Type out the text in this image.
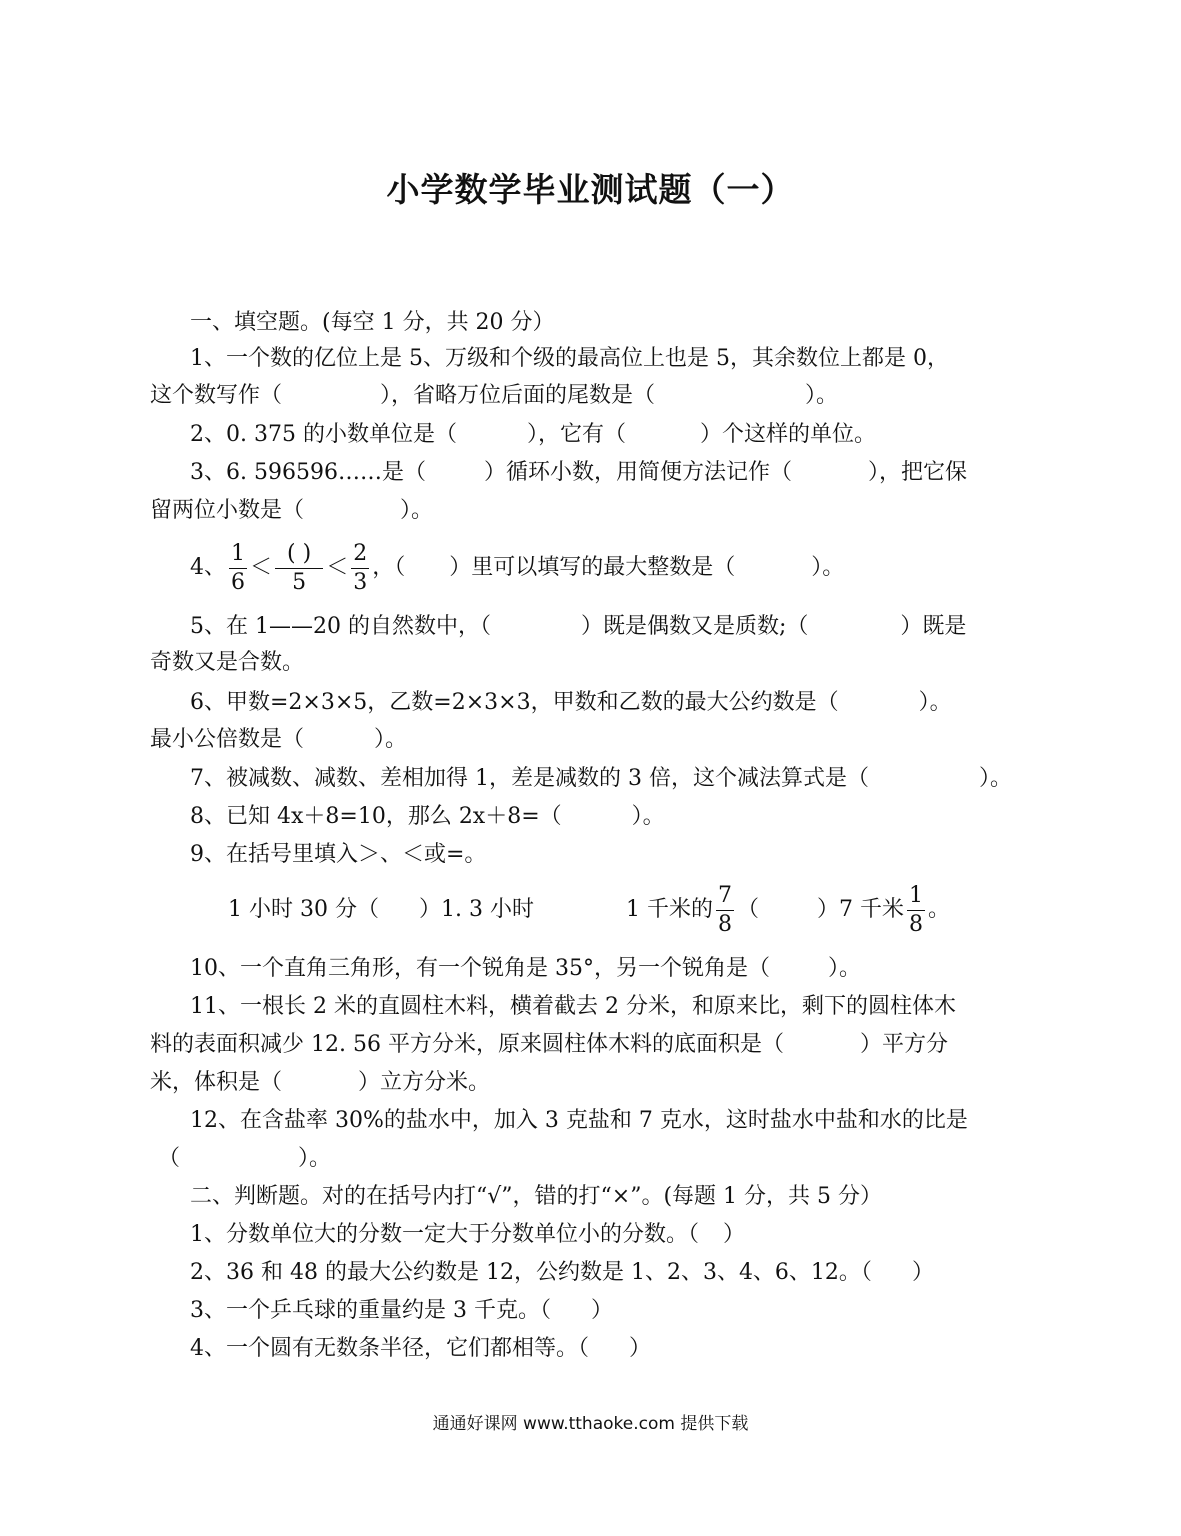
小学数学毕业测试题（一）
一、填空题。(每空 1 分，共 20 分）
1、一个数的亿位上是 5、万级和个级的最高位上也是 5，其余数位上都是 0，
这个数写作（	），省略万位后面的尾数是（	）。
2、0. 375 的小数单位是（	），它有（	）个这样的单位。
3、6. 596596……是（	）循环小数，用简便方法记作（	），把它保
留两位小数是（	）。
4、 $\frac{1}{6} < \frac{( )}{5} < \frac{2}{3}$ ，（ ）里可以填写的最大整数是（	）。
5、在 1——20 的自然数中，（	）既是偶数又是质数;（	）既是
奇数又是合数。
6、甲数=2×3×5，乙数=2×3×3，甲数和乙数的最大公约数是（	）。
最小公倍数是（	）。
7、被减数、减数、差相加得 1，差是减数的 3 倍，这个减法算式是（	）。
8、已知 4x＋8=10，那么 2x＋8=（	）。
9、在括号里填入＞、＜或=。
1 小时 30 分（ ）1. 3 小时	1 千米的 $\frac{7}{8}$ （	）7 千米 $\frac{1}{8}$ 。
10、一个直角三角形，有一个锐角是 35°，另一个锐角是（	）。
11、一根长 2 米的直圆柱木料，横着截去 2 分米，和原来比，剩下的圆柱体木
料的表面积减少 12. 56 平方分米，原来圆柱体木料的底面积是（	）平方分
米，体积是（	）立方分米。
12、在含盐率 30%的盐水中，加入 3 克盐和 7 克水，这时盐水中盐和水的比是
（	）。
二、判断题。对的在括号内打“√”，错的打“×”。(每题 1 分，共 5 分）
1、分数单位大的分数一定大于分数单位小的分数。（ ）
2、36 和 48 的最大公约数是 12，公约数是 1、2、3、4、6、12。（ ）
3、一个乒乓球的重量约是 3 千克。（ ）
4、一个圆有无数条半径，它们都相等。（ ）
通通好课网 www.tthaoke.com 提供下载
